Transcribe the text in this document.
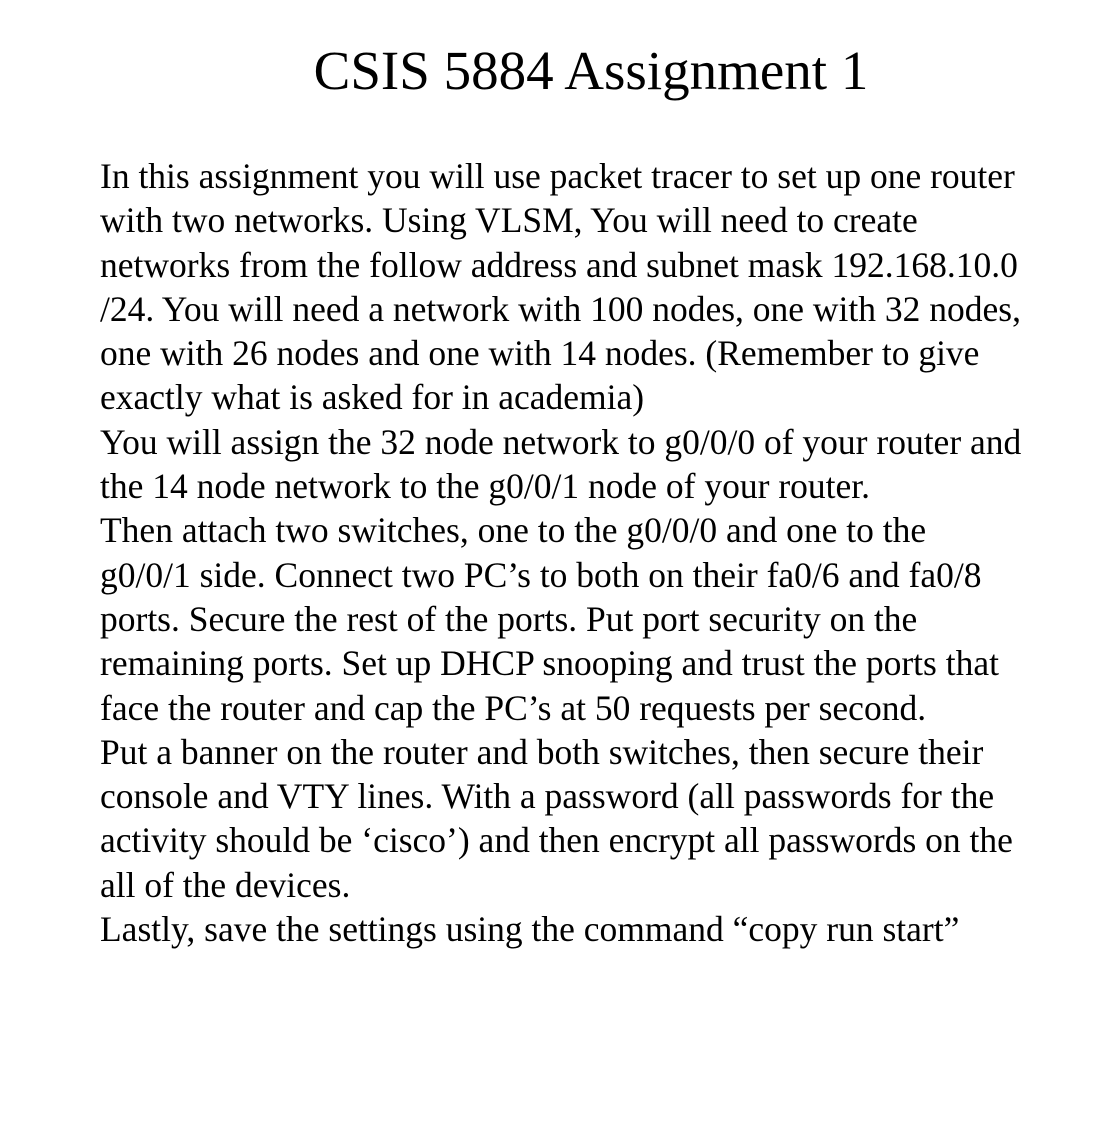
CSIS 5884 Assignment 1
In this assignment you will use packet tracer to set up one router
with two networks. Using VLSM, You will need to create
networks from the follow address and subnet mask 192.168.10.0
/24. You will need a network with 100 nodes, one with 32 nodes,
one with 26 nodes and one with 14 nodes. (Remember to give
exactly what is asked for in academia)
You will assign the 32 node network to g0/0/0 of your router and
the 14 node network to the g0/0/1 node of your router.
Then attach two switches, one to the g0/0/0 and one to the
g0/0/1 side. Connect two PC’s to both on their fa0/6 and fa0/8
ports. Secure the rest of the ports. Put port security on the
remaining ports. Set up DHCP snooping and trust the ports that
face the router and cap the PC’s at 50 requests per second.
Put a banner on the router and both switches, then secure their
console and VTY lines. With a password (all passwords for the
activity should be ‘cisco’) and then encrypt all passwords on the
all of the devices.
Lastly, save the settings using the command “copy run start”
